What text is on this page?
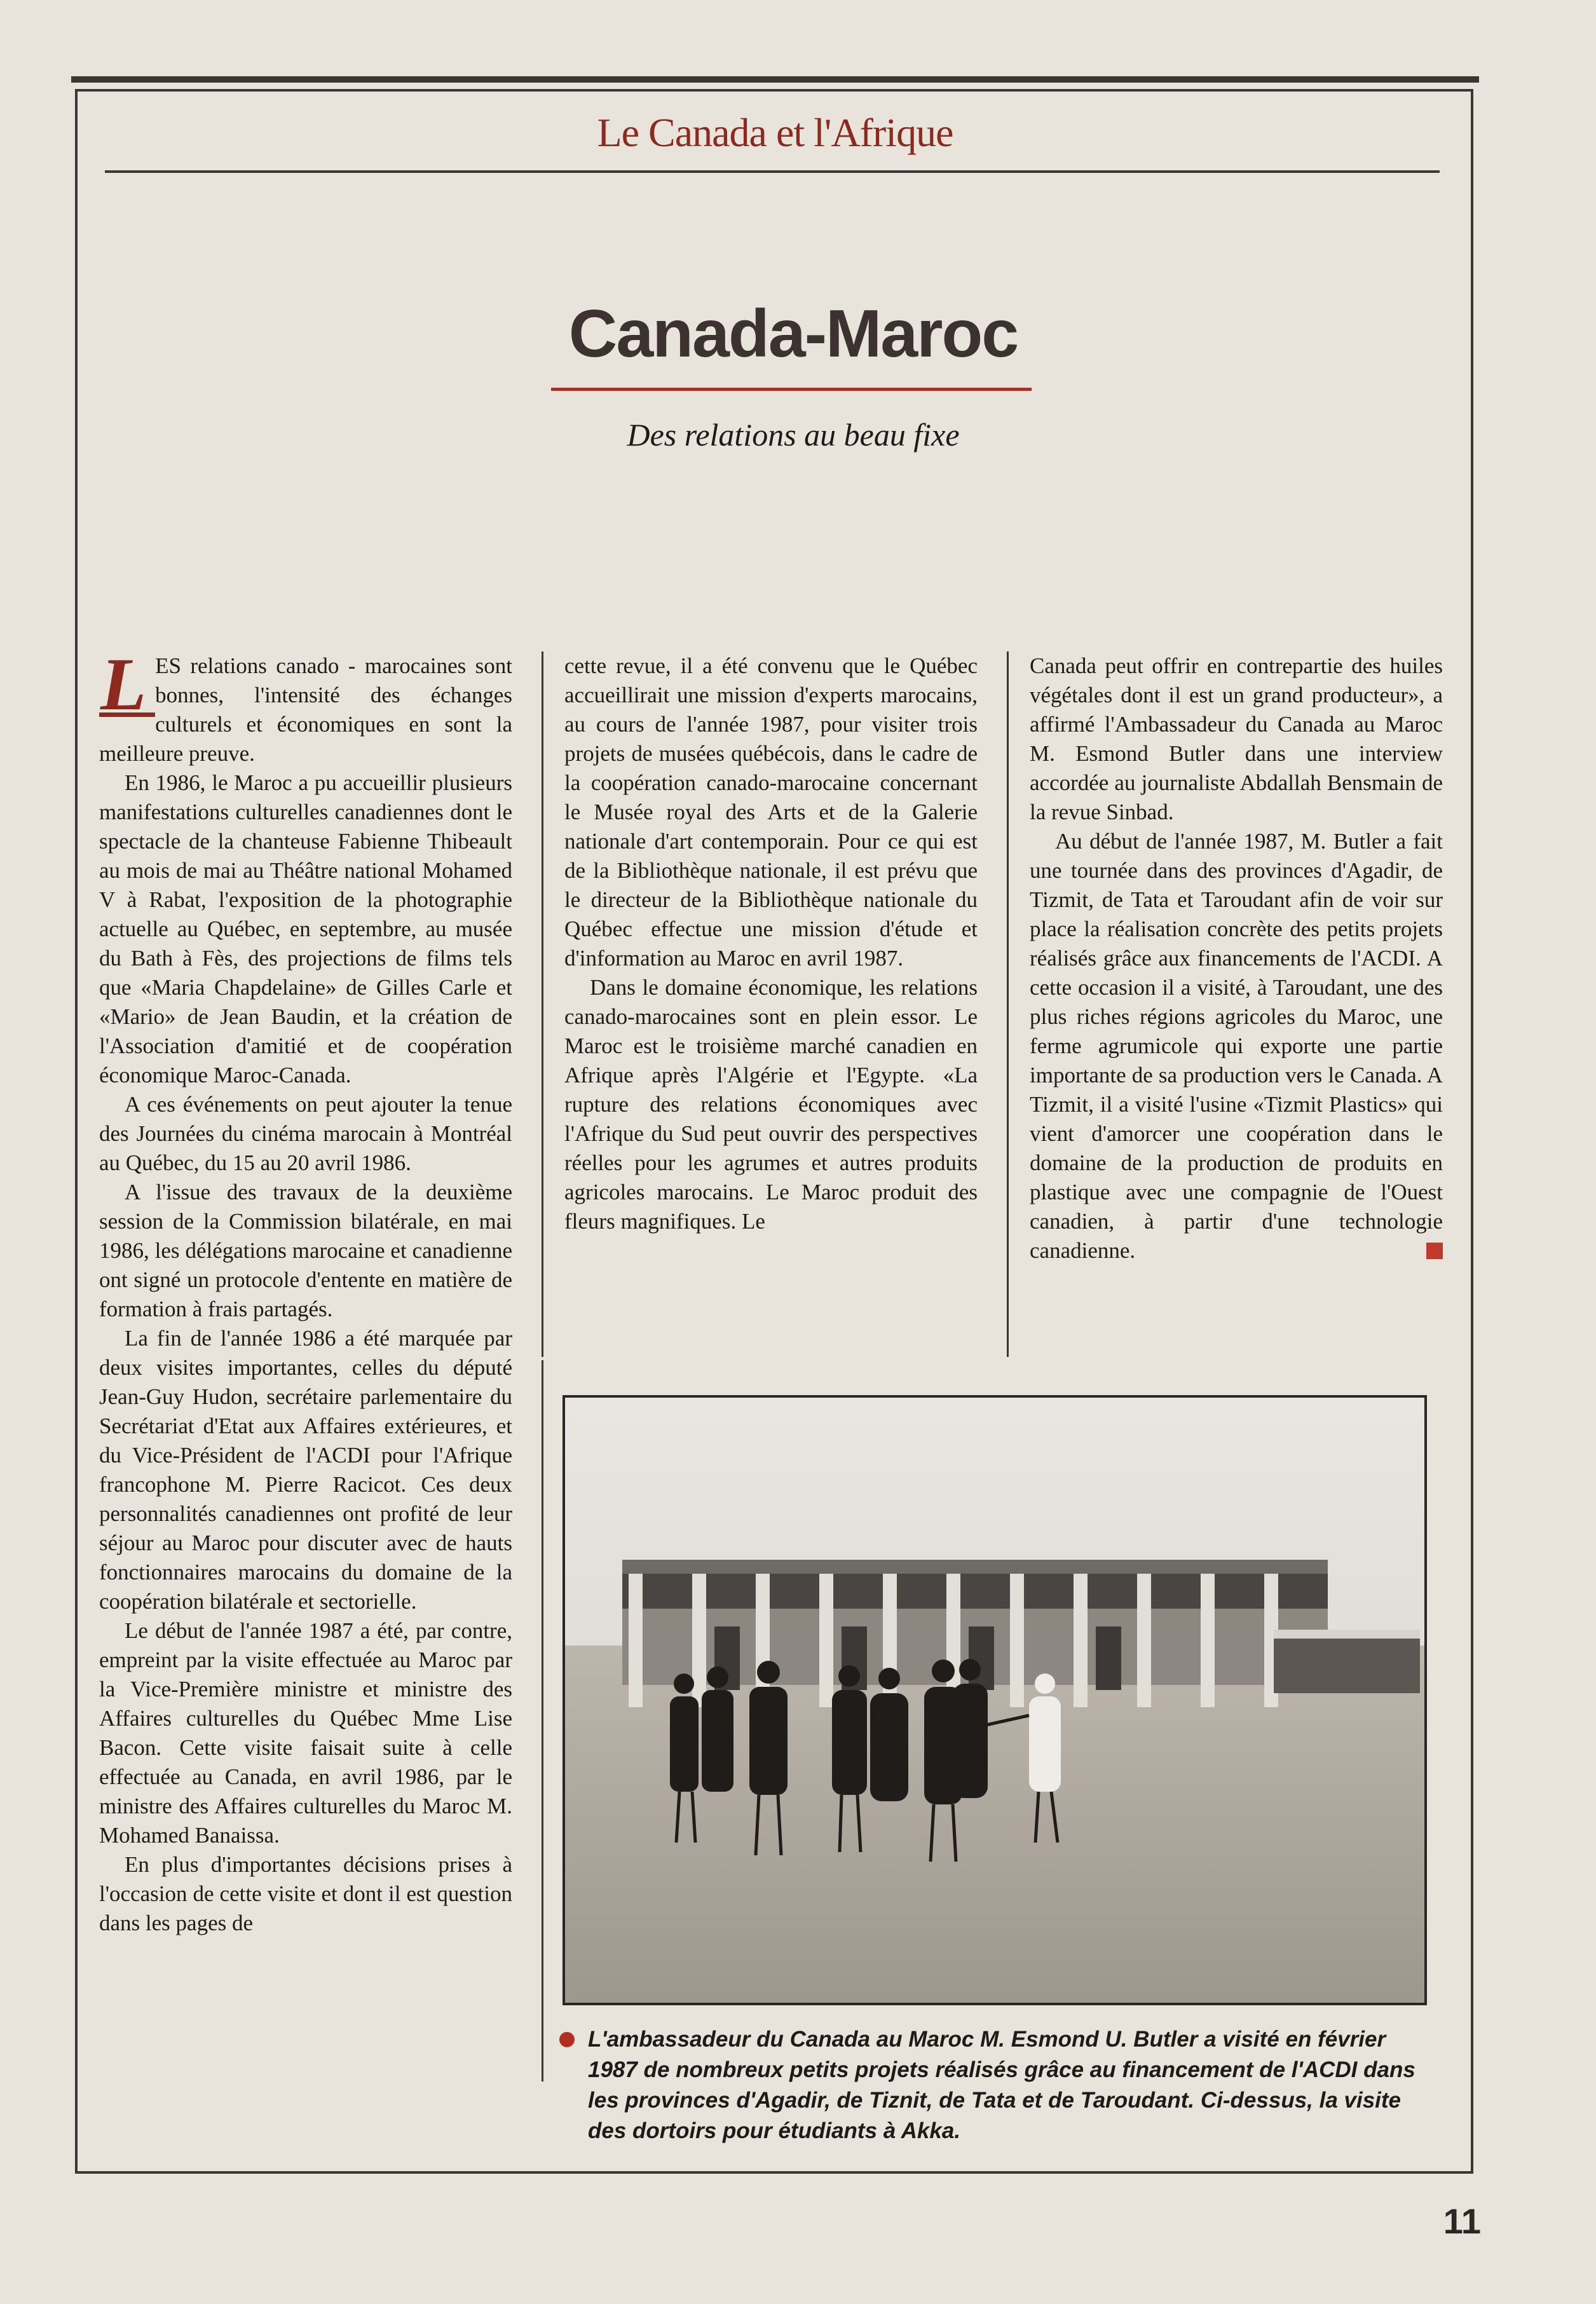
Le Canada et l'Afrique
Canada-Maroc
Des relations au beau fixe

L ES relations canado - marocaines sont bonnes, l'intensité des échanges culturels et économiques en sont la meilleure preuve.

En 1986, le Maroc a pu accueillir plusieurs manifestations culturelles canadiennes dont le spectacle de la chanteuse Fabienne Thibeault au mois de mai au Théâtre national Mohamed V à Rabat, l'exposition de la photographie actuelle au Québec, en septembre, au musée du Bath à Fès, des projections de films tels que «Maria Chapdelaine» de Gilles Carle et «Mario» de Jean Baudin, et la création de l'Association d'amitié et de coopération économique Maroc-Canada.

A ces événements on peut ajouter la tenue des Journées du cinéma marocain à Montréal au Québec, du 15 au 20 avril 1986.

A l'issue des travaux de la deuxième session de la Commission bilatérale, en mai 1986, les délégations marocaine et canadienne ont signé un protocole d'entente en matière de formation à frais partagés.

La fin de l'année 1986 a été marquée par deux visites importantes, celles du député Jean-Guy Hudon, secrétaire parlementaire du Secrétariat d'Etat aux Affaires extérieures, et du Vice-Président de l'ACDI pour l'Afrique francophone M. Pierre Racicot. Ces deux personnalités canadiennes ont profité de leur séjour au Maroc pour discuter avec de hauts fonctionnaires marocains du domaine de la coopération bilatérale et sectorielle.

Le début de l'année 1987 a été, par contre, empreint par la visite effectuée au Maroc par la Vice-Première ministre et ministre des Affaires culturelles du Québec Mme Lise Bacon. Cette visite faisait suite à celle effectuée au Canada, en avril 1986, par le ministre des Affaires culturelles du Maroc M. Mohamed Banaissa.

En plus d'importantes décisions prises à l'occasion de cette visite et dont il est question dans les pages de

cette revue, il a été convenu que le Québec accueillirait une mission d'experts marocains, au cours de l'année 1987, pour visiter trois projets de musées québécois, dans le cadre de la coopération canado-marocaine concernant le Musée royal des Arts et de la Galerie nationale d'art contemporain. Pour ce qui est de la Bibliothèque nationale, il est prévu que le directeur de la Bibliothèque nationale du Québec effectue une mission d'étude et d'information au Maroc en avril 1987.

Dans le domaine économique, les relations canado-marocaines sont en plein essor. Le Maroc est le troisième marché canadien en Afrique après l'Algérie et l'Egypte. «La rupture des relations économiques avec l'Afrique du Sud peut ouvrir des perspectives réelles pour les agrumes et autres produits agricoles marocains. Le Maroc produit des fleurs magnifiques. Le

Canada peut offrir en contrepartie des huiles végétales dont il est un grand producteur», a affirmé l'Ambassadeur du Canada au Maroc M. Esmond Butler dans une interview accordée au journaliste Abdallah Bensmain de la revue Sinbad.

Au début de l'année 1987, M. Butler a fait une tournée dans des provinces d'Agadir, de Tizmit, de Tata et Taroudant afin de voir sur place la réalisation concrète des petits projets réalisés grâce aux financements de l'ACDI. A cette occasion il a visité, à Taroudant, une des plus riches régions agricoles du Maroc, une ferme agrumicole qui exporte une partie importante de sa production vers le Canada. A Tizmit, il a visité l'usine «Tizmit Plastics» qui vient d'amorcer une coopération dans le domaine de la production de produits en plastique avec une compagnie de l'Ouest canadien, à partir d'une technologie canadienne.

L'ambassadeur du Canada au Maroc M. Esmond U. Butler a visité en février 1987 de nombreux petits projets réalisés grâce au financement de l'ACDI dans les provinces d'Agadir, de Tiznit, de Tata et de Taroudant. Ci-dessus, la visite des dortoirs pour étudiants à Akka.
11
